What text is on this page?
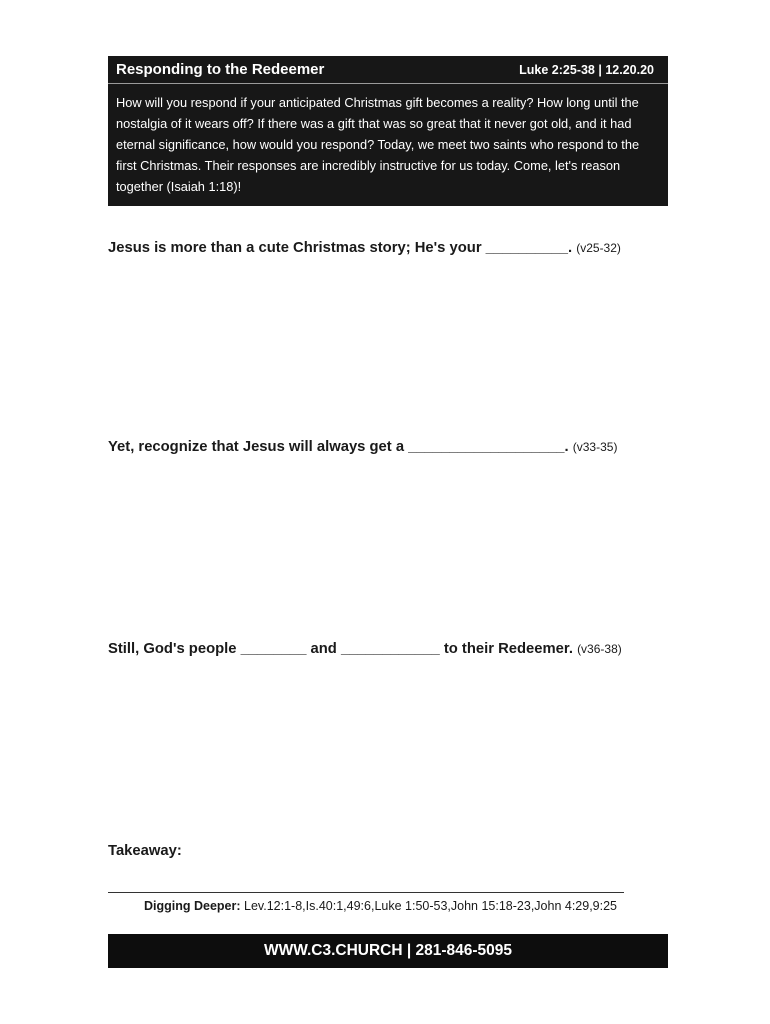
Responding to the Redeemer	Luke 2:25-38 | 12.20.20

How will you respond if your anticipated Christmas gift becomes a reality? How long until the nostalgia of it wears off? If there was a gift that was so great that it never got old, and it had eternal significance, how would you respond? Today, we meet two saints who respond to the first Christmas. Their responses are incredibly instructive for us today. Come, let's reason together (Isaiah 1:18)!

Jesus is more than a cute Christmas story; He's your __________. (v25-32)
Yet, recognize that Jesus will always get a ___________________. (v33-35)
Still, God's people ________ and ____________ to their Redeemer. (v36-38)
Takeaway:
Digging Deeper: Lev.12:1-8,Is.40:1,49:6,Luke 1:50-53,John 15:18-23,John 4:29,9:25
WWW.C3.CHURCH | 281-846-5095
